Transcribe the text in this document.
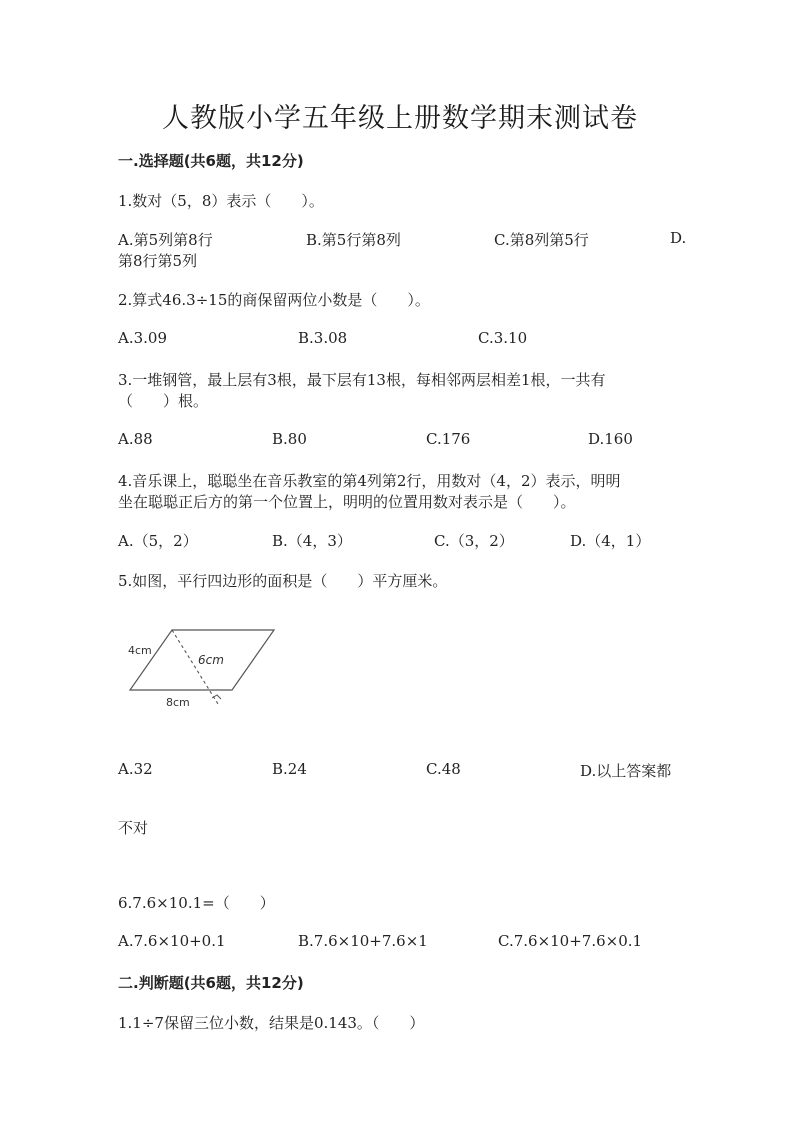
人教版小学五年级上册数学期末测试卷
一.选择题(共6题，共12分)
1.数对（5，8）表示（　　）。
A.第5列第8行	B.第5行第8列	C.第8列第5行	D.
第8行第5列
2.算式46.3÷15的商保留两位小数是（　　）。
A.3.09	B.3.08	C.3.10
3.一堆钢管，最上层有3根，最下层有13根，每相邻两层相差1根，一共有
（　　）根。
A.88	B.80	C.176	D.160
4.音乐课上，聪聪坐在音乐教室的第4列第2行，用数对（4，2）表示，明明
坐在聪聪正后方的第一个位置上，明明的位置用数对表示是（　　）。
A.（5，2）	B.（4，3）	C.（3，2）	D.（4，1）
5.如图，平行四边形的面积是（　　）平方厘米。
4cm
6cm
8cm
A.32	B.24	C.48	D.以上答案都
不对
6.7.6×10.1=（　　）
A.7.6×10+0.1	B.7.6×10+7.6×1	C.7.6×10+7.6×0.1
二.判断题(共6题，共12分)
1.1÷7保留三位小数，结果是0.143。（　　）
